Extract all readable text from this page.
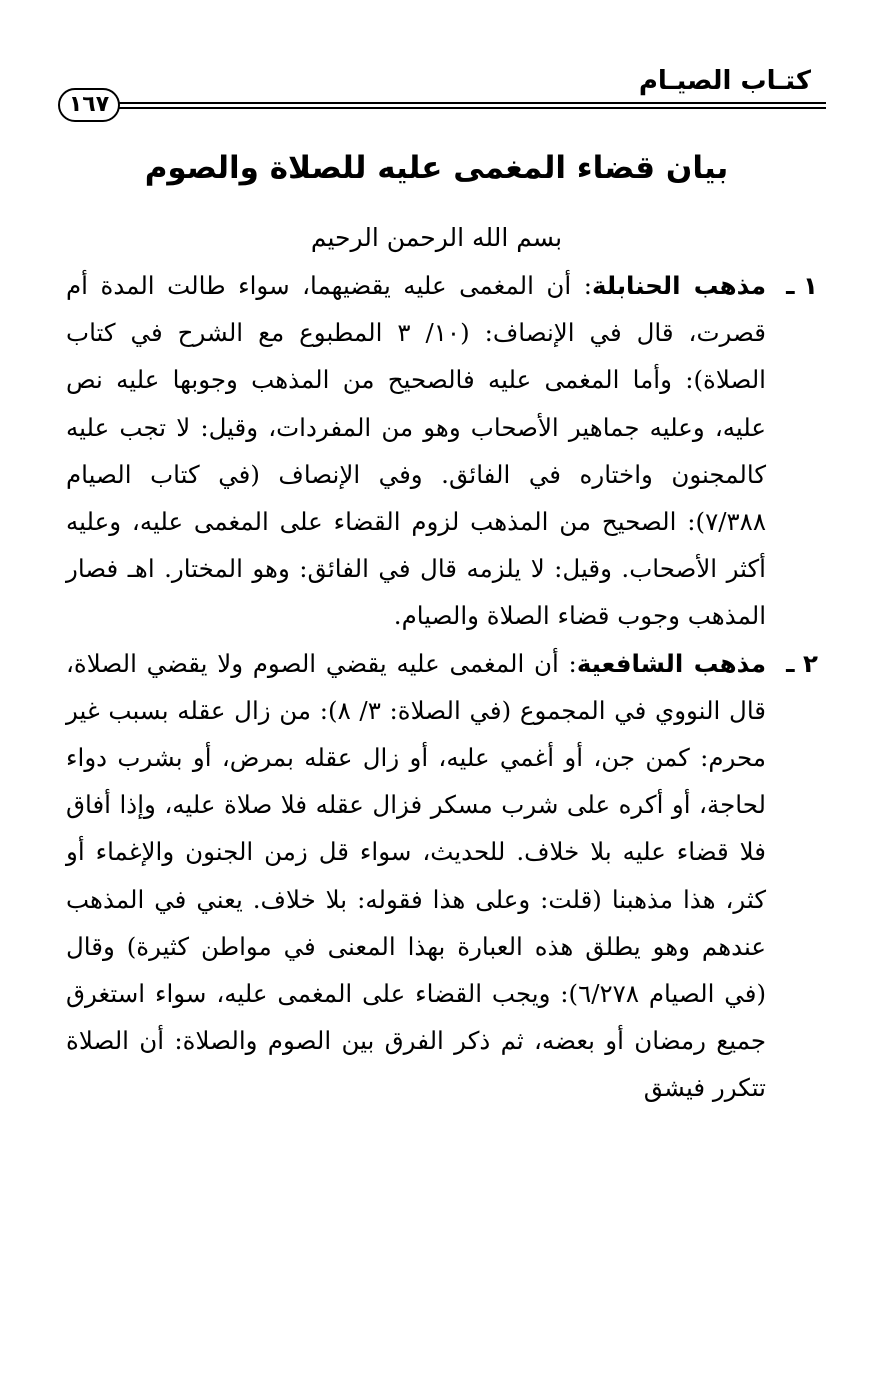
كتـاب الصيـام
١٦٧
بيان قضاء المغمى عليه للصلاة والصوم
بسم الله الرحمن الرحيم
١ ـ
مذهب الحنابلة: أن المغمى عليه يقضيهما، سواء طالت المدة أم قصرت، قال في الإنصاف: (١٠/ ٣ المطبوع مع الشرح في كتاب الصلاة): وأما المغمى عليه فالصحيح من المذهب وجوبها عليه نص عليه، وعليه جماهير الأصحاب وهو من المفردات، وقيل: لا تجب عليه كالمجنون واختاره في الفائق. وفي الإنصاف (في كتاب الصيام ٧/٣٨٨): الصحيح من المذهب لزوم القضاء على المغمى عليه، وعليه أكثر الأصحاب. وقيل: لا يلزمه قال في الفائق: وهو المختار. اهـ فصار المذهب وجوب قضاء الصلاة والصيام.
٢ ـ
مذهب الشافعية: أن المغمى عليه يقضي الصوم ولا يقضي الصلاة، قال النووي في المجموع (في الصلاة: ٣/ ٨): من زال عقله بسبب غير محرم: كمن جن، أو أغمي عليه، أو زال عقله بمرض، أو بشرب دواء لحاجة، أو أكره على شرب مسكر فزال عقله فلا صلاة عليه، وإذا أفاق فلا قضاء عليه بلا خلاف. للحديث، سواء قل زمن الجنون والإغماء أو كثر، هذا مذهبنا (قلت: وعلى هذا فقوله: بلا خلاف. يعني في المذهب عندهم وهو يطلق هذه العبارة بهذا المعنى في مواطن كثيرة) وقال (في الصيام ٦/٢٧٨): ويجب القضاء على المغمى عليه، سواء استغرق جميع رمضان أو بعضه، ثم ذكر الفرق بين الصوم والصلاة: أن الصلاة تتكرر فيشق
